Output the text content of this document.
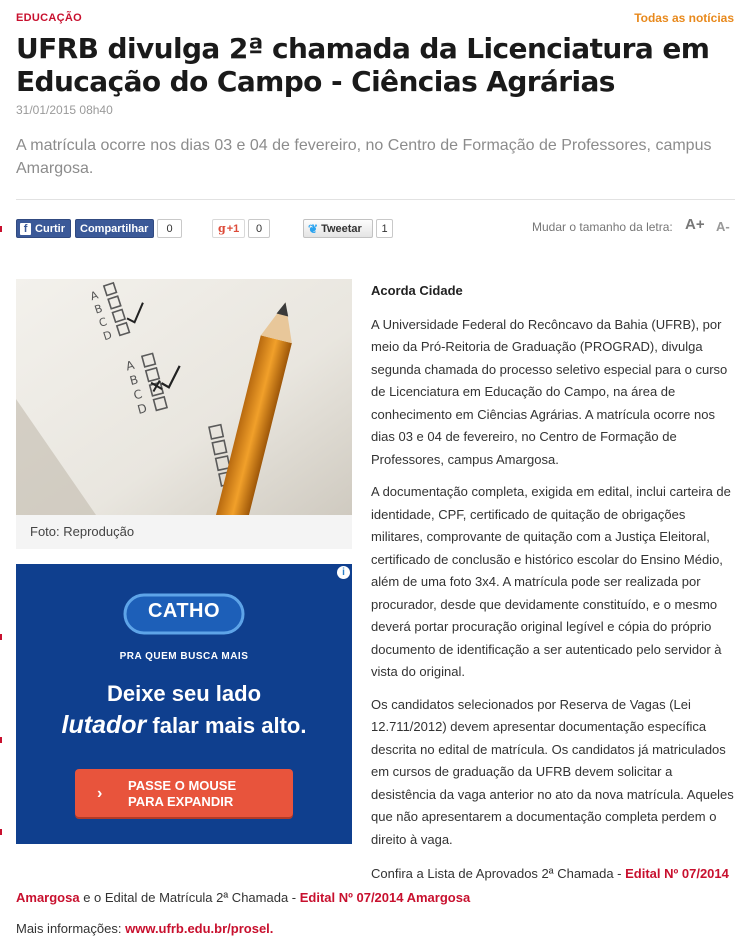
EDUCAÇÃO	Todas as notícias
UFRB divulga 2ª chamada da Licenciatura em Educação do Campo - Ciências Agrárias
31/01/2015 08h40
A matrícula ocorre nos dias 03 e 04 de fevereiro, no Centro de Formação de Professores, campus Amargosa.
f Curtir Compartilhar	0	g +1	0	❦ Tweetar	1	Mudar o tamanho da letra: A+ A-
A
B
C
D
A
B
C
D
Foto: Reprodução
i
CATHO
PRA QUEM BUSCA MAIS
Deixe seu lado
lutador falar mais alto.
› PASSE O MOUSE
PARA EXPANDIR

Acorda Cidade

A Universidade Federal do Recôncavo da Bahia (UFRB), por meio da Pró-Reitoria de Graduação (PROGRAD), divulga segunda chamada do processo seletivo especial para o curso de Licenciatura em Educação do Campo, na área de conhecimento em Ciências Agrárias. A matrícula ocorre nos dias 03 e 04 de fevereiro, no Centro de Formação de Professores, campus Amargosa.

A documentação completa, exigida em edital, inclui carteira de identidade, CPF, certificado de quitação de obrigações militares, comprovante de quitação com a Justiça Eleitoral, certificado de conclusão e histórico escolar do Ensino Médio, além de uma foto 3x4. A matrícula pode ser realizada por procurador, desde que devidamente constituído, e o mesmo deverá portar procuração original legível e cópia do próprio documento de identificação a ser autenticado pelo servidor à vista do original.

Os candidatos selecionados por Reserva de Vagas (Lei 12.711/2012) devem apresentar documentação específica descrita no edital de matrícula. Os candidatos já matriculados em cursos de graduação da UFRB devem solicitar a desistência da vaga anterior no ato da nova matrícula. Aqueles que não apresentarem a documentação completa perdem o direito à vaga.

Confira a Lista de Aprovados 2ª Chamada - Edital Nº 07/2014 Amargosa e o Edital de Matrícula 2ª Chamada - Edital Nº 07/2014 Amargosa
Mais informações: www.ufrb.edu.br/prosel.
